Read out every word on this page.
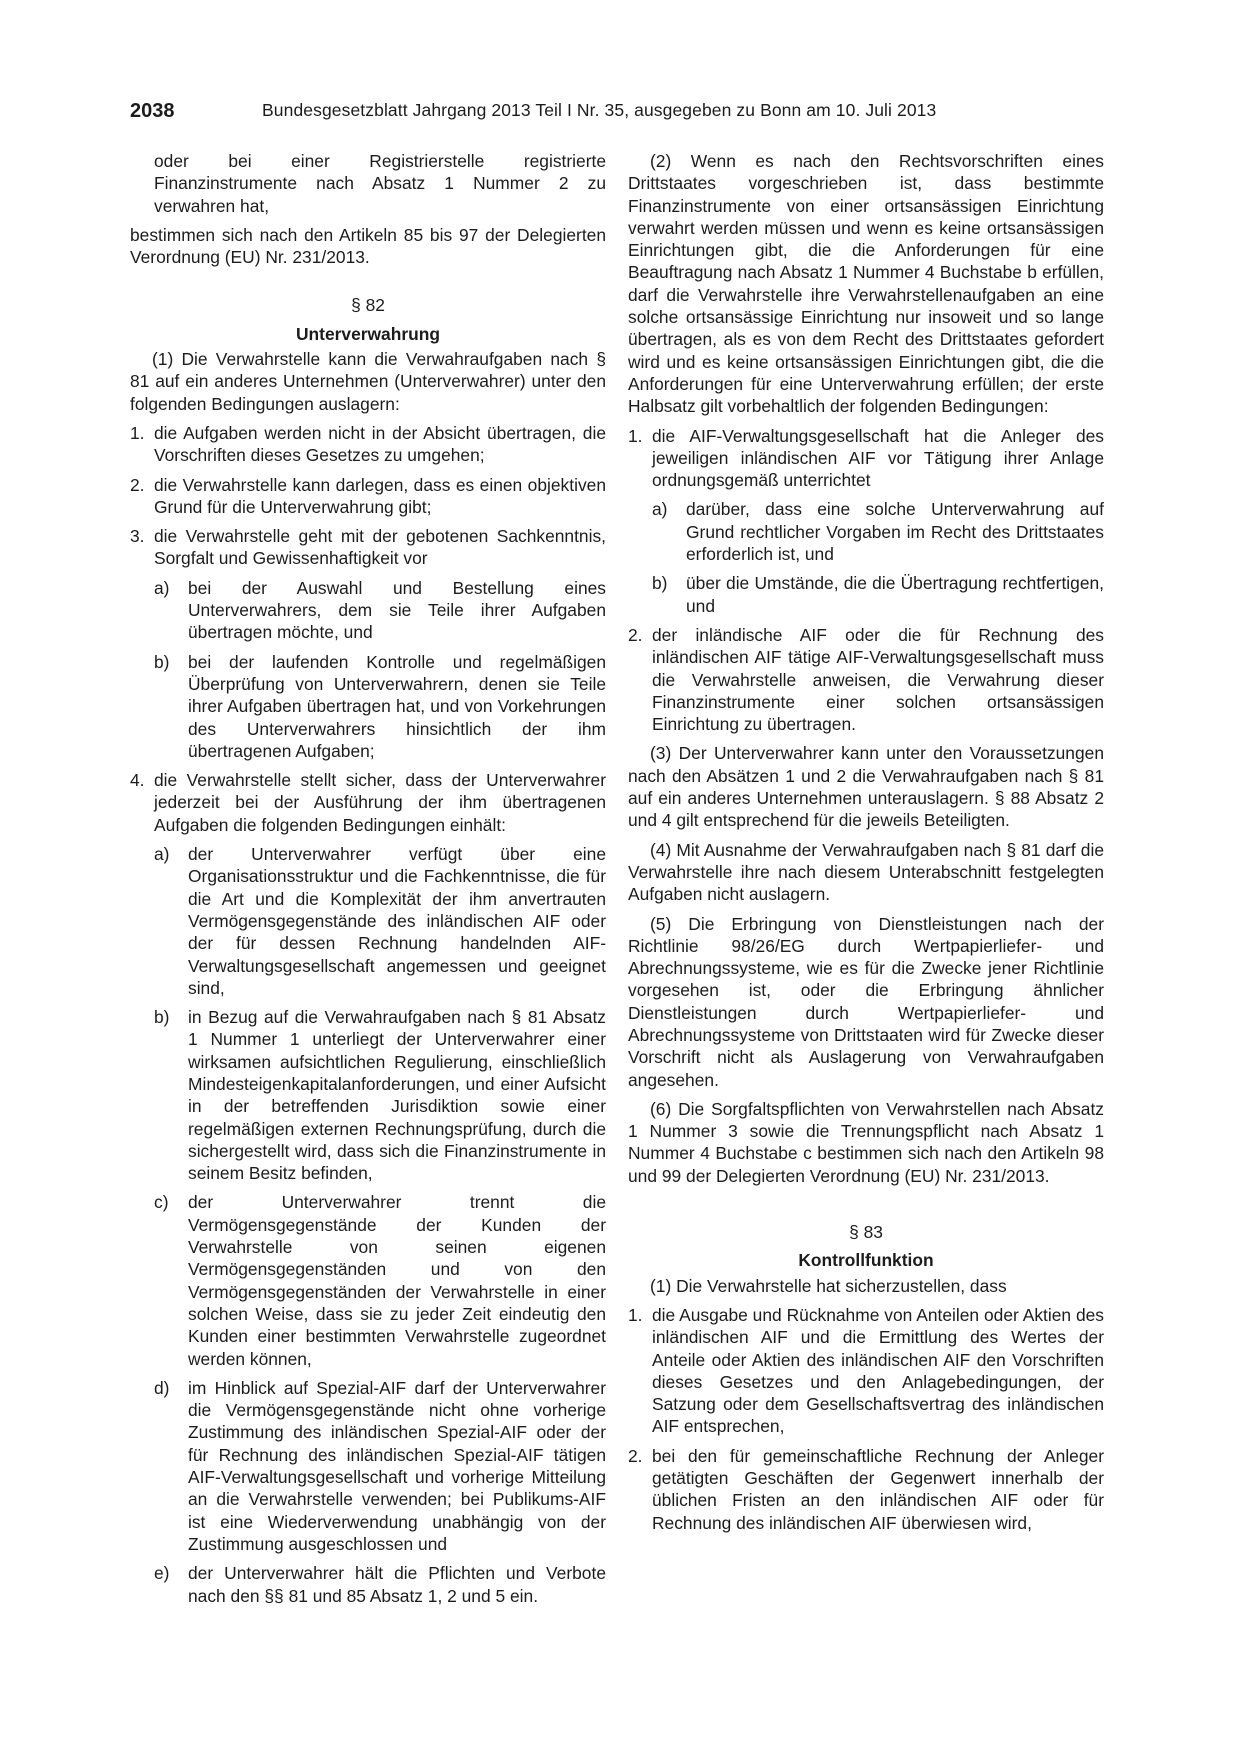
2038	Bundesgesetzblatt Jahrgang 2013 Teil I Nr. 35, ausgegeben zu Bonn am 10. Juli 2013

oder bei einer Registrierstelle registrierte Finanzinstrumente nach Absatz 1 Nummer 2 zu verwahren hat,

bestimmen sich nach den Artikeln 85 bis 97 der Delegierten Verordnung (EU) Nr. 231/2013.

§ 82

Unterverwahrung

(1) Die Verwahrstelle kann die Verwahraufgaben nach § 81 auf ein anderes Unternehmen (Unterverwahrer) unter den folgenden Bedingungen auslagern:

1. die Aufgaben werden nicht in der Absicht übertragen, die Vorschriften dieses Gesetzes zu umgehen;
2. die Verwahrstelle kann darlegen, dass es einen objektiven Grund für die Unterverwahrung gibt;
3. die Verwahrstelle geht mit der gebotenen Sachkenntnis, Sorgfalt und Gewissenhaftigkeit vor
a) bei der Auswahl und Bestellung eines Unterverwahrers, dem sie Teile ihrer Aufgaben übertragen möchte, und
b) bei der laufenden Kontrolle und regelmäßigen Überprüfung von Unterverwahrern, denen sie Teile ihrer Aufgaben übertragen hat, und von Vorkehrungen des Unterverwahrers hinsichtlich der ihm übertragenen Aufgaben;
4. die Verwahrstelle stellt sicher, dass der Unterverwahrer jederzeit bei der Ausführung der ihm übertragenen Aufgaben die folgenden Bedingungen einhält:
a) der Unterverwahrer verfügt über eine Organisationsstruktur und die Fachkenntnisse, die für die Art und die Komplexität der ihm anvertrauten Vermögensgegenstände des inländischen AIF oder der für dessen Rechnung handelnden AIF-Verwaltungsgesellschaft angemessen und geeignet sind,
b) in Bezug auf die Verwahraufgaben nach § 81 Absatz 1 Nummer 1 unterliegt der Unterverwahrer einer wirksamen aufsichtlichen Regulierung, einschließlich Mindesteigenkapitalanforderungen, und einer Aufsicht in der betreffenden Jurisdiktion sowie einer regelmäßigen externen Rechnungsprüfung, durch die sichergestellt wird, dass sich die Finanzinstrumente in seinem Besitz befinden,
c) der Unterverwahrer trennt die Vermögensgegenstände der Kunden der Verwahrstelle von seinen eigenen Vermögensgegenständen und von den Vermögensgegenständen der Verwahrstelle in einer solchen Weise, dass sie zu jeder Zeit eindeutig den Kunden einer bestimmten Verwahrstelle zugeordnet werden können,
d) im Hinblick auf Spezial-AIF darf der Unterverwahrer die Vermögensgegenstände nicht ohne vorherige Zustimmung des inländischen Spezial-AIF oder der für Rechnung des inländischen Spezial-AIF tätigen AIF-Verwaltungsgesellschaft und vorherige Mitteilung an die Verwahrstelle verwenden; bei Publikums-AIF ist eine Wiederverwendung unabhängig von der Zustimmung ausgeschlossen und
e) der Unterverwahrer hält die Pflichten und Verbote nach den §§ 81 und 85 Absatz 1, 2 und 5 ein.

(2) Wenn es nach den Rechtsvorschriften eines Drittstaates vorgeschrieben ist, dass bestimmte Finanzinstrumente von einer ortsansässigen Einrichtung verwahrt werden müssen und wenn es keine ortsansässigen Einrichtungen gibt, die die Anforderungen für eine Beauftragung nach Absatz 1 Nummer 4 Buchstabe b erfüllen, darf die Verwahrstelle ihre Verwahrstellenaufgaben an eine solche ortsansässige Einrichtung nur insoweit und so lange übertragen, als es von dem Recht des Drittstaates gefordert wird und es keine ortsansässigen Einrichtungen gibt, die die Anforderungen für eine Unterverwahrung erfüllen; der erste Halbsatz gilt vorbehaltlich der folgenden Bedingungen:

1. die AIF-Verwaltungsgesellschaft hat die Anleger des jeweiligen inländischen AIF vor Tätigung ihrer Anlage ordnungsgemäß unterrichtet
a) darüber, dass eine solche Unterverwahrung auf Grund rechtlicher Vorgaben im Recht des Drittstaates erforderlich ist, und
b) über die Umstände, die die Übertragung rechtfertigen, und
2. der inländische AIF oder die für Rechnung des inländischen AIF tätige AIF-Verwaltungsgesellschaft muss die Verwahrstelle anweisen, die Verwahrung dieser Finanzinstrumente einer solchen ortsansässigen Einrichtung zu übertragen.

(3) Der Unterverwahrer kann unter den Voraussetzungen nach den Absätzen 1 und 2 die Verwahraufgaben nach § 81 auf ein anderes Unternehmen unterauslagern. § 88 Absatz 2 und 4 gilt entsprechend für die jeweils Beteiligten.

(4) Mit Ausnahme der Verwahraufgaben nach § 81 darf die Verwahrstelle ihre nach diesem Unterabschnitt festgelegten Aufgaben nicht auslagern.

(5) Die Erbringung von Dienstleistungen nach der Richtlinie 98/26/EG durch Wertpapierliefer- und Abrechnungssysteme, wie es für die Zwecke jener Richtlinie vorgesehen ist, oder die Erbringung ähnlicher Dienstleistungen durch Wertpapierliefer- und Abrechnungssysteme von Drittstaaten wird für Zwecke dieser Vorschrift nicht als Auslagerung von Verwahraufgaben angesehen.

(6) Die Sorgfaltspflichten von Verwahrstellen nach Absatz 1 Nummer 3 sowie die Trennungspflicht nach Absatz 1 Nummer 4 Buchstabe c bestimmen sich nach den Artikeln 98 und 99 der Delegierten Verordnung (EU) Nr. 231/2013.

§ 83

Kontrollfunktion

(1) Die Verwahrstelle hat sicherzustellen, dass

1. die Ausgabe und Rücknahme von Anteilen oder Aktien des inländischen AIF und die Ermittlung des Wertes der Anteile oder Aktien des inländischen AIF den Vorschriften dieses Gesetzes und den Anlagebedingungen, der Satzung oder dem Gesellschaftsvertrag des inländischen AIF entsprechen,
2. bei den für gemeinschaftliche Rechnung der Anleger getätigten Geschäften der Gegenwert innerhalb der üblichen Fristen an den inländischen AIF oder für Rechnung des inländischen AIF überwiesen wird,
